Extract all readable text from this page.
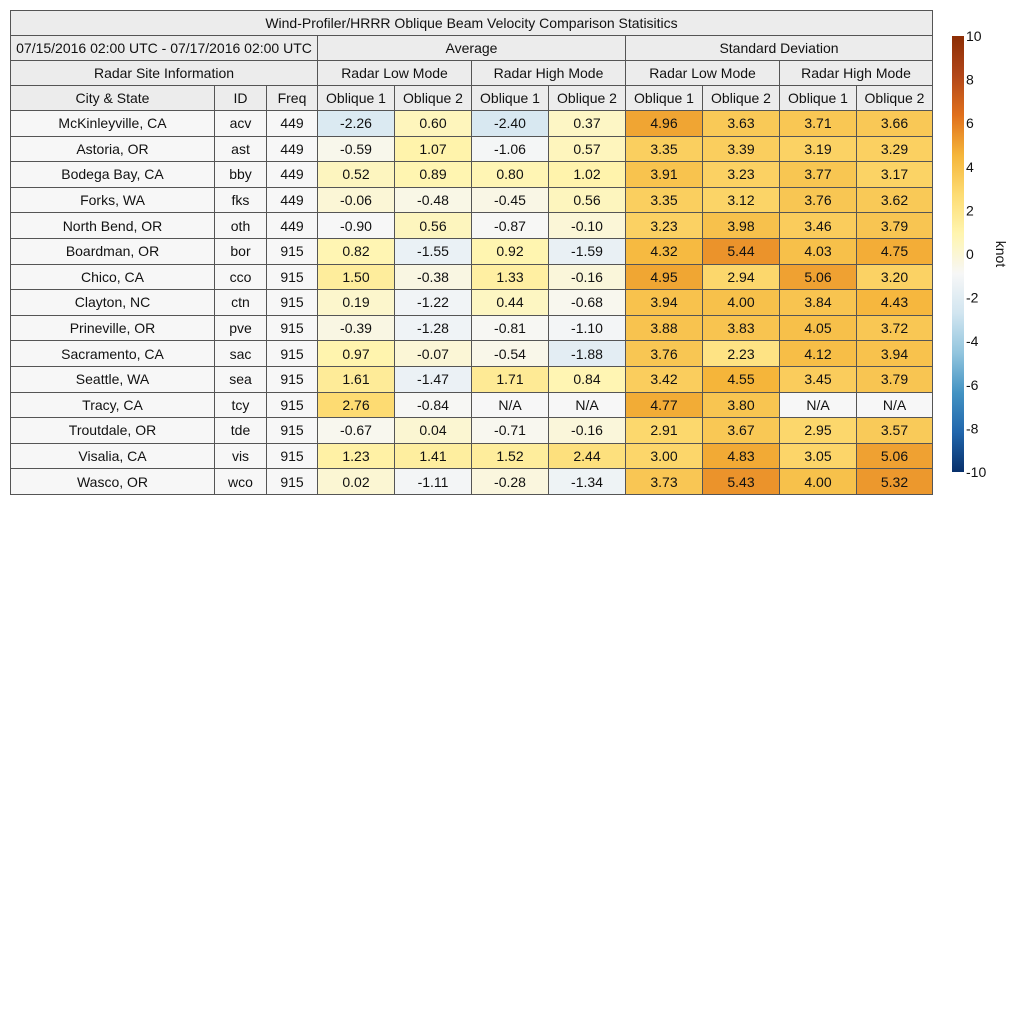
Wind-Profiler/HRRR Oblique Beam Velocity Comparison Statisitics										
07/15/2016 02:00 UTC - 07/17/2016 02:00 UTC			Average				Standard Deviation			
Radar Site Information			Radar Low Mode		Radar High Mode		Radar Low Mode		Radar High Mode	
City & State	ID	Freq	Oblique 1	Oblique 2	Oblique 1	Oblique 2	Oblique 1	Oblique 2	Oblique 1	Oblique 2
McKinleyville, CA	acv	449	-2.26	0.60	-2.40	0.37	4.96	3.63	3.71	3.66
Astoria, OR	ast	449	-0.59	1.07	-1.06	0.57	3.35	3.39	3.19	3.29
Bodega Bay, CA	bby	449	0.52	0.89	0.80	1.02	3.91	3.23	3.77	3.17
Forks, WA	fks	449	-0.06	-0.48	-0.45	0.56	3.35	3.12	3.76	3.62
North Bend, OR	oth	449	-0.90	0.56	-0.87	-0.10	3.23	3.98	3.46	3.79
Boardman, OR	bor	915	0.82	-1.55	0.92	-1.59	4.32	5.44	4.03	4.75
Chico, CA	cco	915	1.50	-0.38	1.33	-0.16	4.95	2.94	5.06	3.20
Clayton, NC	ctn	915	0.19	-1.22	0.44	-0.68	3.94	4.00	3.84	4.43
Prineville, OR	pve	915	-0.39	-1.28	-0.81	-1.10	3.88	3.83	4.05	3.72
Sacramento, CA	sac	915	0.97	-0.07	-0.54	-1.88	3.76	2.23	4.12	3.94
Seattle, WA	sea	915	1.61	-1.47	1.71	0.84	3.42	4.55	3.45	3.79
Tracy, CA	tcy	915	2.76	-0.84	N/A	N/A	4.77	3.80	N/A	N/A
Troutdale, OR	tde	915	-0.67	0.04	-0.71	-0.16	2.91	3.67	2.95	3.57
Visalia, CA	vis	915	1.23	1.41	1.52	2.44	3.00	4.83	3.05	5.06
Wasco, OR	wco	915	0.02	-1.11	-0.28	-1.34	3.73	5.43	4.00	5.32
10
8
6
4
2
0
-2
-4
-6
-8
-10
knot
